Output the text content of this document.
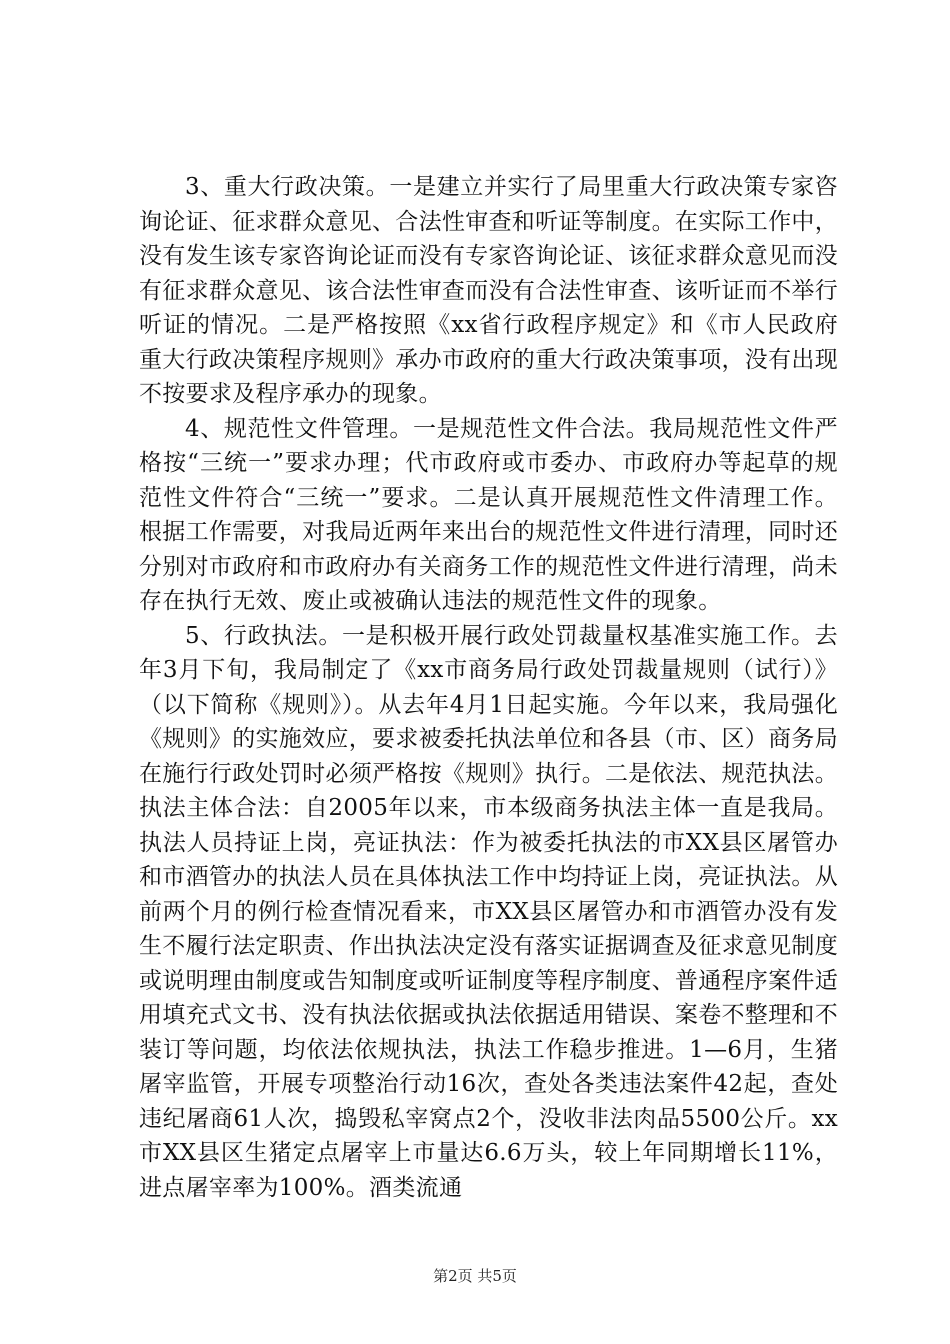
3、重大行政决策。一是建立并实行了局里重大行政决策专家咨询论证、征求群众意见、合法性审查和听证等制度。在实际工作中，没有发生该专家咨询论证而没有专家咨询论证、该征求群众意见而没有征求群众意见、该合法性审查而没有合法性审查、该听证而不举行听证的情况。二是严格按照《xx省行政程序规定》和《市人民政府重大行政决策程序规则》承办市政府的重大行政决策事项，没有出现不按要求及程序承办的现象。

4、规范性文件管理。一是规范性文件合法。我局规范性文件严格按“三统一”要求办理；代市政府或市委办、市政府办等起草的规范性文件符合“三统一”要求。二是认真开展规范性文件清理工作。根据工作需要，对我局近两年来出台的规范性文件进行清理，同时还分别对市政府和市政府办有关商务工作的规范性文件进行清理，尚未存在执行无效、废止或被确认违法的规范性文件的现象。

5、行政执法。一是积极开展行政处罚裁量权基准实施工作。去年3月下旬，我局制定了《xx市商务局行政处罚裁量规则（试行）》（以下简称《规则》）。从去年4月1日起实施。今年以来，我局强化《规则》的实施效应，要求被委托执法单位和各县（市、区）商务局在施行行政处罚时必须严格按《规则》执行。二是依法、规范执法。执法主体合法：自2005年以来，市本级商务执法主体一直是我局。执法人员持证上岗，亮证执法：作为被委托执法的市XX县区屠管办和市酒管办的执法人员在具体执法工作中均持证上岗，亮证执法。从前两个月的例行检查情况看来，市XX县区屠管办和市酒管办没有发生不履行法定职责、作出执法决定没有落实证据调查及征求意见制度或说明理由制度或告知制度或听证制度等程序制度、普通程序案件适用填充式文书、没有执法依据或执法依据适用错误、案卷不整理和不装订等问题，均依法依规执法，执法工作稳步推进。1—6月，生猪屠宰监管，开展专项整治行动16次，查处各类违法案件42起，查处违纪屠商61人次，捣毁私宰窝点2个，没收非法肉品5500公斤。xx市XX县区生猪定点屠宰上市量达6.6万头，较上年同期增长11%，进点屠宰率为100%。酒类流通

第2页 共5页
